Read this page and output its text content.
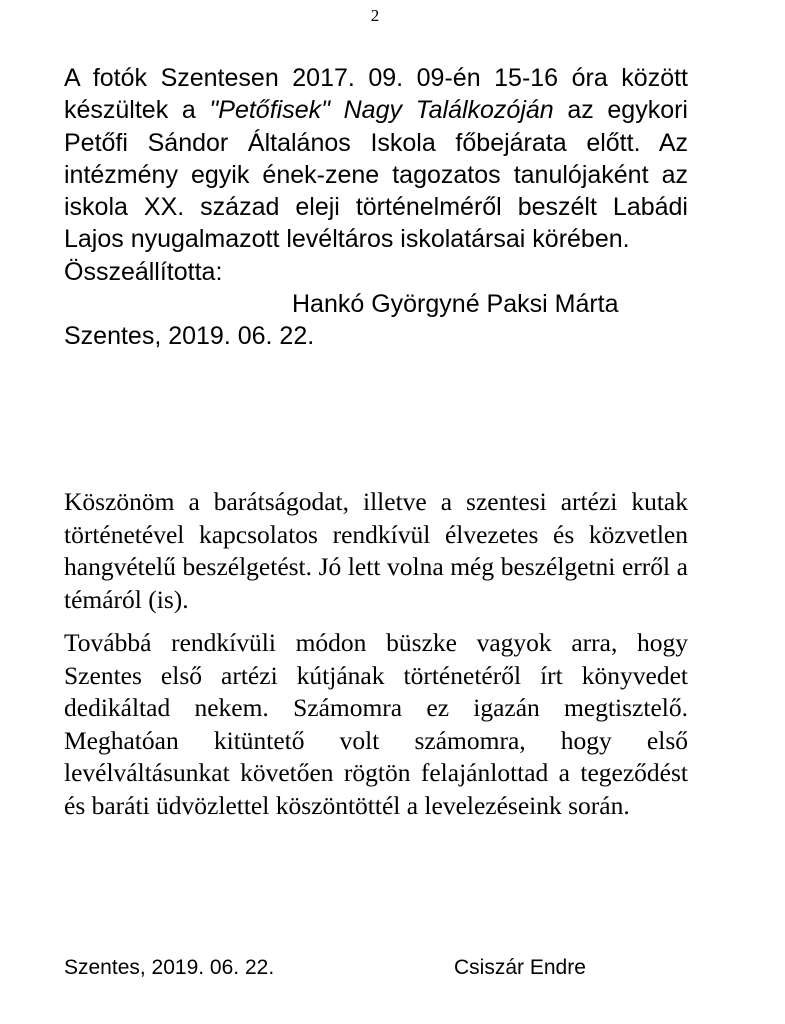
2

A fotók Szentesen 2017. 09. 09-én 15-16 óra között készültek a "Petőfisek" Nagy Találkozóján az egykori Petőfi Sándor Általános Iskola főbejárata előtt. Az intézmény egyik ének-zene tagozatos tanulójaként az iskola XX. század eleji történelméről beszélt Labádi Lajos nyugalmazott levéltáros iskolatársai körében.

Összeállította:

Hankó Györgyné Paksi Márta

Szentes, 2019. 06. 22.

Köszönöm a barátságodat, illetve a szentesi artézi kutak történetével kapcsolatos rendkívül élvezetes és közvetlen hangvételű beszélgetést. Jó lett volna még beszélgetni erről a témáról (is).

Továbbá rendkívüli módon büszke vagyok arra, hogy Szentes első artézi kútjának történetéről írt könyvedet dedikáltad nekem. Számomra ez igazán megtisztelő. Meghatóan kitüntető volt számomra, hogy első levélváltásunkat követően rögtön felajánlottad a tegeződést és baráti üdvözlettel köszöntöttél a levelezéseink során.

Szentes, 2019. 06. 22.	Csiszár Endre
